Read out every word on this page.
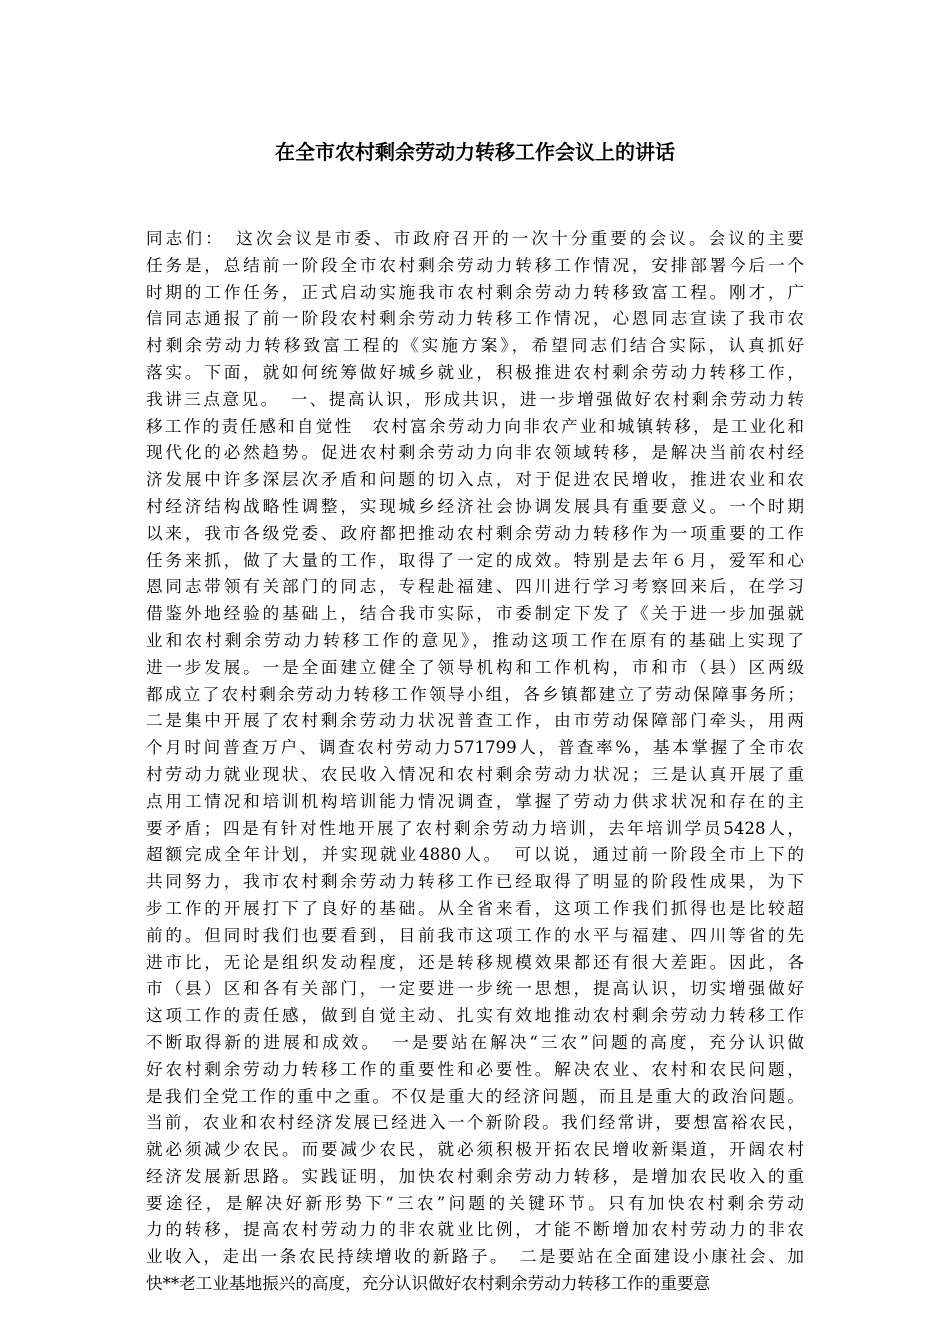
在全市农村剩余劳动力转移工作会议上的讲话
同志们：　这次会议是市委、市政府召开的一次十分重要的会议。会议的主要
任务是，总结前一阶段全市农村剩余劳动力转移工作情况，安排部署今后一个
时期的工作任务，正式启动实施我市农村剩余劳动力转移致富工程。刚才，广
信同志通报了前一阶段农村剩余劳动力转移工作情况，心恩同志宣读了我市农
村剩余劳动力转移致富工程的《实施方案》，希望同志们结合实际，认真抓好
落实。下面，就如何统筹做好城乡就业，积极推进农村剩余劳动力转移工作，
我讲三点意见。　一、提高认识，形成共识，进一步增强做好农村剩余劳动力转
移工作的责任感和自觉性　农村富余劳动力向非农产业和城镇转移，是工业化和
现代化的必然趋势。促进农村剩余劳动力向非农领域转移，是解决当前农村经
济发展中许多深层次矛盾和问题的切入点，对于促进农民增收，推进农业和农
村经济结构战略性调整，实现城乡经济社会协调发展具有重要意义。一个时期
以来，我市各级党委、政府都把推动农村剩余劳动力转移作为一项重要的工作
任务来抓，做了大量的工作，取得了一定的成效。特别是去年６月，爱军和心
恩同志带领有关部门的同志，专程赴福建、四川进行学习考察回来后，在学习
借鉴外地经验的基础上，结合我市实际，市委制定下发了《关于进一步加强就
业和农村剩余劳动力转移工作的意见》，推动这项工作在原有的基础上实现了
进一步发展。一是全面建立健全了领导机构和工作机构，市和市（县）区两级
都成立了农村剩余劳动力转移工作领导小组，各乡镇都建立了劳动保障事务所；
二是集中开展了农村剩余劳动力状况普查工作，由市劳动保障部门牵头，用两
个月时间普查万户、调查农村劳动力571799人，普查率%，基本掌握了全市农
村劳动力就业现状、农民收入情况和农村剩余劳动力状况；三是认真开展了重
点用工情况和培训机构培训能力情况调查，掌握了劳动力供求状况和存在的主
要矛盾；四是有针对性地开展了农村剩余劳动力培训，去年培训学员5428人，
超额完成全年计划，并实现就业4880人。　可以说，通过前一阶段全市上下的
共同努力，我市农村剩余劳动力转移工作已经取得了明显的阶段性成果，为下
步工作的开展打下了良好的基础。从全省来看，这项工作我们抓得也是比较超
前的。但同时我们也要看到，目前我市这项工作的水平与福建、四川等省的先
进市比，无论是组织发动程度，还是转移规模效果都还有很大差距。因此，各
市（县）区和各有关部门，一定要进一步统一思想，提高认识，切实增强做好
这项工作的责任感，做到自觉主动、扎实有效地推动农村剩余劳动力转移工作
不断取得新的进展和成效。　一是要站在解决“三农”问题的高度，充分认识做
好农村剩余劳动力转移工作的重要性和必要性。解决农业、农村和农民问题，
是我们全党工作的重中之重。不仅是重大的经济问题，而且是重大的政治问题。
当前，农业和农村经济发展已经进入一个新阶段。我们经常讲，要想富裕农民，
就必须减少农民。而要减少农民，就必须积极开拓农民增收新渠道，开阔农村
经济发展新思路。实践证明，加快农村剩余劳动力转移，是增加农民收入的重
要途径，是解决好新形势下“三农”问题的关键环节。只有加快农村剩余劳动
力的转移，提高农村劳动力的非农就业比例，才能不断增加农村劳动力的非农
业收入，走出一条农民持续增收的新路子。　二是要站在全面建设小康社会、加
快**老工业基地振兴的高度，充分认识做好农村剩余劳动力转移工作的重要意
